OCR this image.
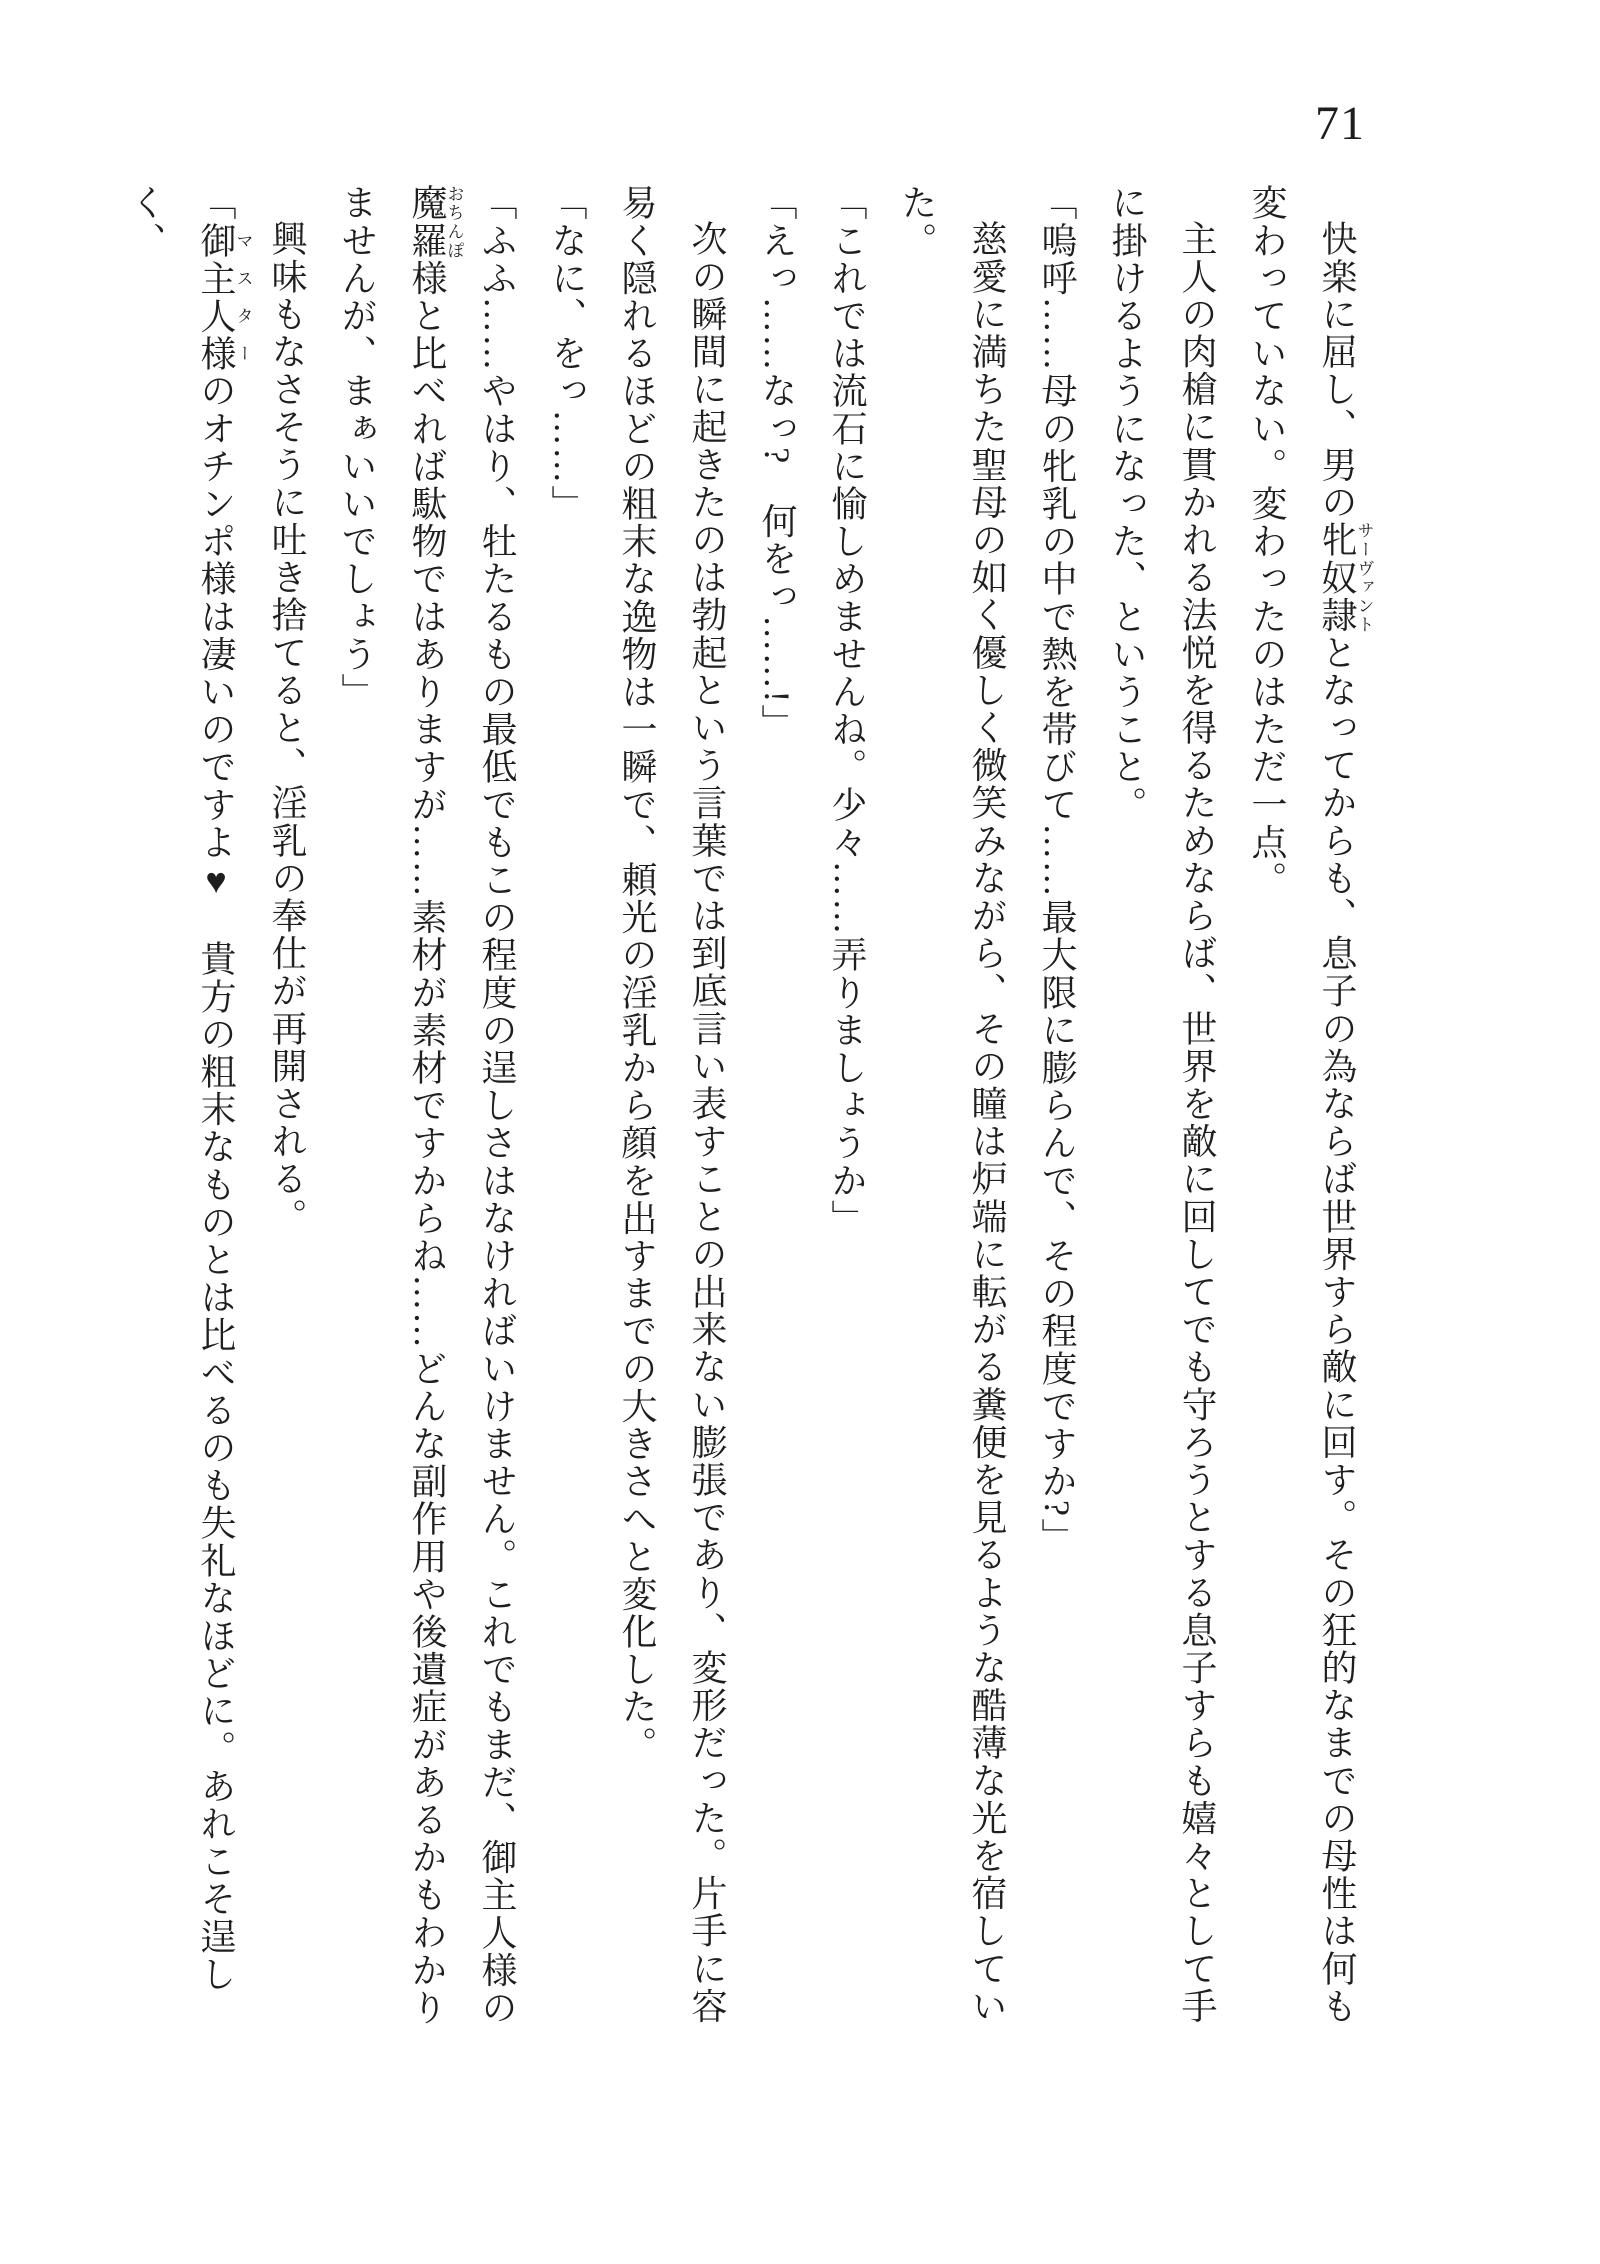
71

快楽に屈し、男の牝奴隷サーヴァントとなってからも、息子の為ならば世界すら敵に回す。その狂的なまでの母性は何も変わっていない。変わったのはただ一点。

主人の肉槍に貫かれる法悦を得るためならば、世界を敵に回してでも守ろうとする息子すらも嬉々として手に掛けるようになった、ということ。

「嗚呼……母の牝乳の中で熱を帯びて……最大限に膨らんで、その程度ですか?」

慈愛に満ちた聖母の如く優しく微笑みながら、その瞳は炉端に転がる糞便を見るような酷薄な光を宿していた。

「これでは流石に愉しめませんね。少々……弄りましょうか」

「えっ……なっ?　何をっ……!」

次の瞬間に起きたのは勃起という言葉では到底言い表すことの出来ない膨張であり、変形だった。片手に容易く隠れるほどの粗末な逸物は一瞬で、頼光の淫乳から顔を出すまでの大きさへと変化した。

「なに、をっ……」

「ふふ……やはり、牡たるもの最低でもこの程度の逞しさはなければいけません。これでもまだ、御主人様の魔羅おちんぽ様と比べれば駄物ではありますが……素材が素材ですからね……どんな副作用や後遺症があるかもわかりませんが、まぁいいでしょう」

興味もなさそうに吐き捨てると、淫乳の奉仕が再開される。

「御主人様マスターのオチンポ様は凄いのですよ♥　貴方の粗末なものとは比べるのも失礼なほどに。あれこそ逞しく、
